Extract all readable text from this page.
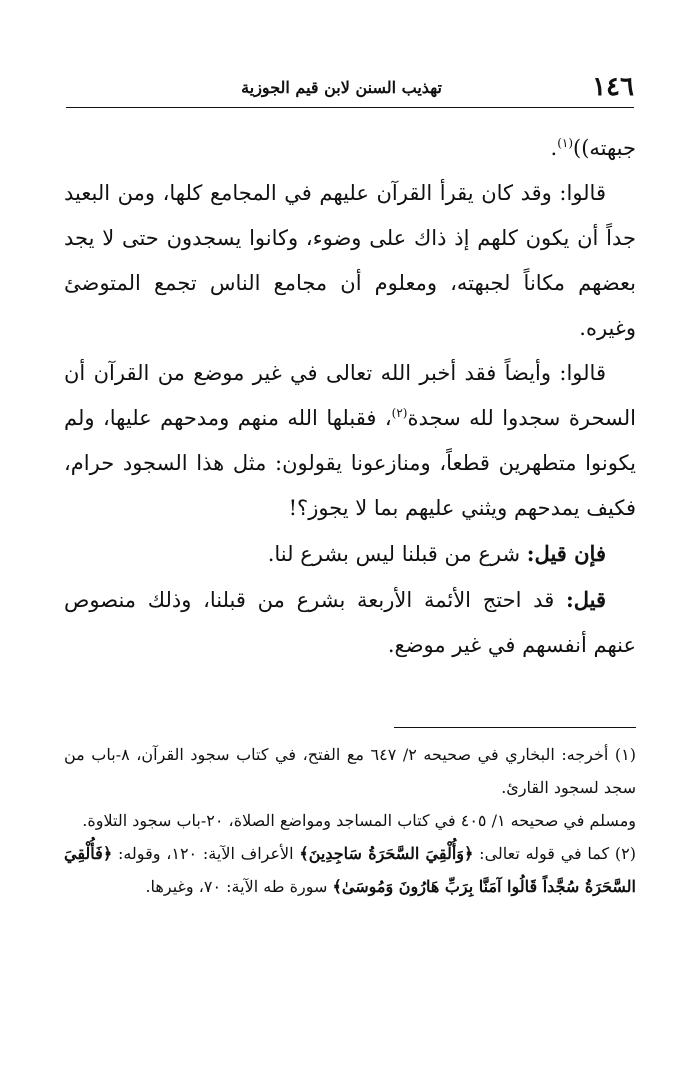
١٤٦
تهذيب السنن لابن قيم الجوزية

جبهته))$^{(١)}$.

قالوا: وقد كان يقرأ القرآن عليهم في المجامع كلها، ومن البعيد جداً أن يكون كلهم إذ ذاك على وضوء، وكانوا يسجدون حتى لا يجد بعضهم مكاناً لجبهته، ومعلوم أن مجامع الناس تجمع المتوضئ وغيره.

قالوا: وأيضاً فقد أخبر الله تعالى في غير موضع من القرآن أن السحرة سجدوا لله سجدة$^{(٢)}$، فقبلها الله منهم ومدحهم عليها، ولم يكونوا متطهرين قطعاً، ومنازعونا يقولون: مثل هذا السجود حرام، فكيف يمدحهم ويثني عليهم بما لا يجوز؟!

فإن قيل: شرع من قبلنا ليس بشرع لنا.

قيل: قد احتج الأئمة الأربعة بشرع من قبلنا، وذلك منصوص عنهم أنفسهم في غير موضع.

(١) أخرجه: البخاري في صحيحه ٢/ ٦٤٧ مع الفتح، في كتاب سجود القرآن، ٨-باب من سجد لسجود القارئ.

ومسلم في صحيحه ١/ ٤٠٥ في كتاب المساجد ومواضع الصلاة، ٢٠-باب سجود التلاوة.

(٢) كما في قوله تعالى: ﴿وَأُلْقِيَ السَّحَرَةُ سَاجِدِينَ﴾ الأعراف الآية: ١٢٠، وقوله: ﴿فَأُلْقِيَ السَّحَرَةُ سُجَّداً قَالُوا آمَنَّا بِرَبِّ هَارُونَ وَمُوسَىٰ﴾ سورة طه الآية: ٧٠، وغيرها.
